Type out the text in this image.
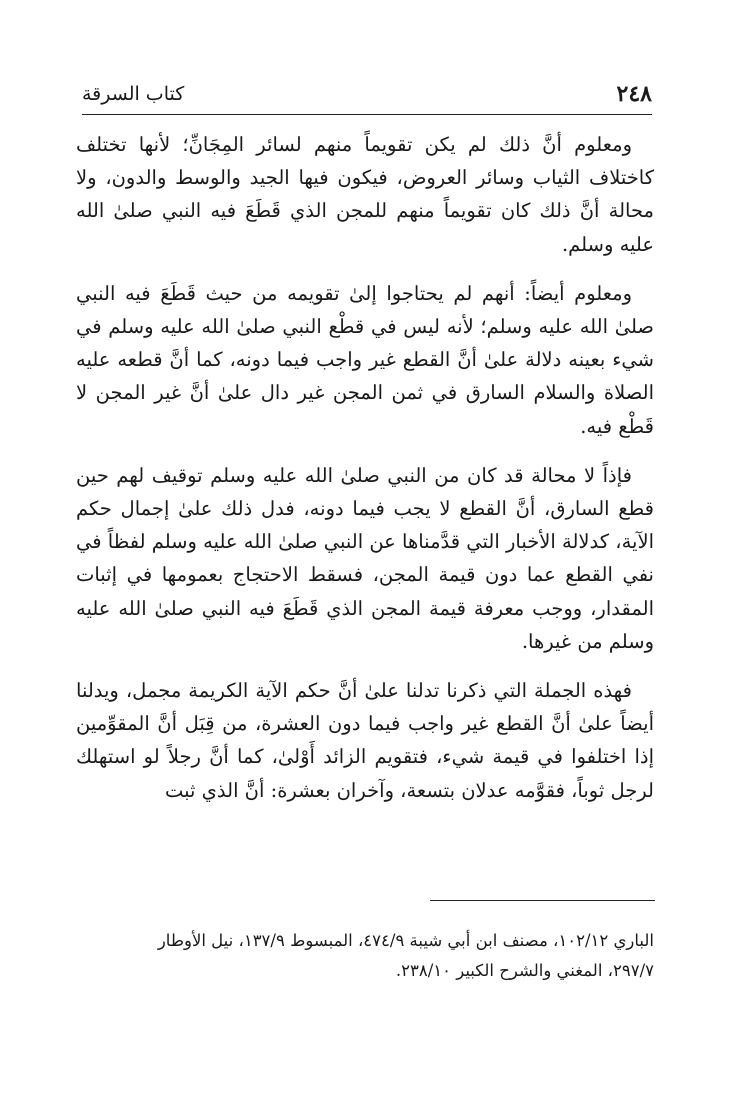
٢٤٨
كتاب السرقة

ومعلوم أنَّ ذلك لم يكن تقويماً منهم لسائر المِجَانِّ؛ لأنها تختلف كاختلاف الثياب وسائر العروض، فيكون فيها الجيد والوسط والدون، ولا محالة أنَّ ذلك كان تقويماً منهم للمجن الذي قَطَعَ فيه النبي صلىٰ الله عليه وسلم.

ومعلوم أيضاً: أنهم لم يحتاجوا إلىٰ تقويمه من حيث قَطَعَ فيه النبي صلىٰ الله عليه وسلم؛ لأنه ليس في قطْع النبي صلىٰ الله عليه وسلم في شيء بعينه دلالة علىٰ أنَّ القطع غير واجب فيما دونه، كما أنَّ قطعه عليه الصلاة والسلام السارق في ثمن المجن غير دال علىٰ أنَّ غير المجن لا قَطْع فيه.

فإذاً لا محالة قد كان من النبي صلىٰ الله عليه وسلم توقيف لهم حين قطع السارق، أنَّ القطع لا يجب فيما دونه، فدل ذلك علىٰ إجمال حكم الآية، كدلالة الأخبار التي قدَّمناها عن النبي صلىٰ الله عليه وسلم لفظاً في نفي القطع عما دون قيمة المجن، فسقط الاحتجاج بعمومها في إثبات المقدار، ووجب معرفة قيمة المجن الذي قَطَعَ فيه النبي صلىٰ الله عليه وسلم من غيرها.

فهذه الجملة التي ذكرنا تدلنا علىٰ أنَّ حكم الآية الكريمة مجمل، ويدلنا أيضاً علىٰ أنَّ القطع غير واجب فيما دون العشرة، من قِبَل أنَّ المقوِّمين إذا اختلفوا في قيمة شيء، فتقويم الزائد أَوْلىٰ، كما أنَّ رجلاً لو استهلك لرجل ثوباً، فقوَّمه عدلان بتسعة، وآخران بعشرة: أنَّ الذي ثبت

الباري ١٠٢/١٢، مصنف ابن أبي شيبة ٤٧٤/٩، المبسوط ١٣٧/٩، نيل الأوطار
٢٩٧/٧، المغني والشرح الكبير ٢٣٨/١٠.
